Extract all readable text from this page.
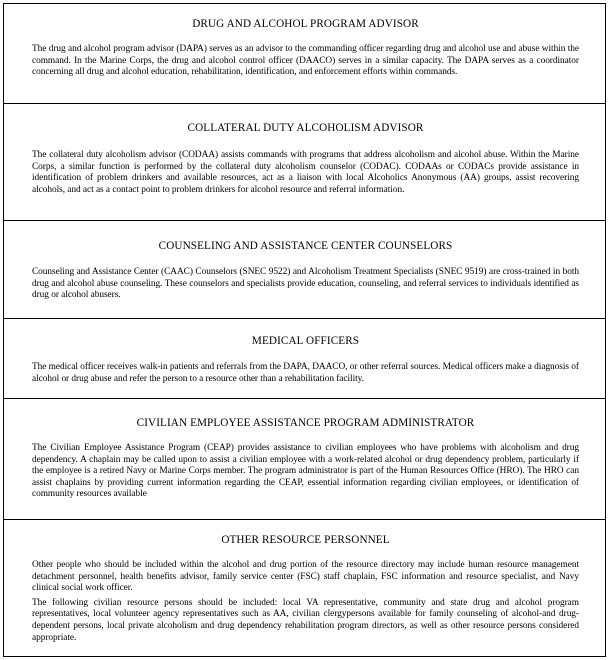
DRUG AND ALCOHOL PROGRAM ADVISOR
The drug and alcohol program advisor (DAPA) serves as an advisor to the commanding officer regarding drug and alcohol use and abuse within the command. In the Marine Corps, the drug and alcohol control officer (DAACO) serves in a similar capacity. The DAPA serves as a coordinator concerning all drug and alcohol education, rehabilitation, identification, and enforcement efforts within commands.
COLLATERAL DUTY ALCOHOLISM ADVISOR
The collateral duty alcoholism advisor (CODAA) assists commands with programs that address alcoholism and alcohol abuse. Within the Marine Corps, a similar function is performed by the collateral duty alcoholism counselor (CODAC). CODAAs or CODACs provide assistance in identification of problem drinkers and available resources, act as a liaison with local Alcoholics Anonymous (AA) groups, assist recovering alcohols, and act as a contact point to problem drinkers for alcohol resource and referral information.
COUNSELING AND ASSISTANCE CENTER COUNSELORS
Counseling and Assistance Center (CAAC) Counselors (SNEC 9522) and Alcoholism Treatment Specialists (SNEC 9519) are cross-trained in both drug and alcohol abuse counseling. These counselors and specialists provide education, counseling, and referral services to individuals identified as drug or alcohol abusers.
MEDICAL OFFICERS
The medical officer receives walk-in patients and referrals from the DAPA, DAACO, or other referral sources. Medical officers make a diagnosis of alcohol or drug abuse and refer the person to a resource other than a rehabilitation facility.
CIVILIAN EMPLOYEE ASSISTANCE PROGRAM ADMINISTRATOR
The Civilian Employee Assistance Program (CEAP) provides assistance to civilian employees who have problems with alcoholism and drug dependency. A chaplain may be called upon to assist a civilian employee with a work-related alcohol or drug dependency problem, particularly if the employee is a retired Navy or Marine Corps member. The program administrator is part of the Human Resources Office (HRO). The HRO can assist chaplains by providing current information regarding the CEAP, essential information regarding civilian employees, or identification of community resources available
OTHER RESOURCE PERSONNEL
Other people who should be included within the alcohol and drug portion of the resource directory may include human resource management detachment personnel, health benefits advisor, family service center (FSC) staff chaplain, FSC information and resource specialist, and Navy clinical social work officer.
The following civilian resource persons should be included: local VA representative, community and state drug and alcohol program representatives, local volunteer agency representatives such as AA, civilian clergypersons available for family counseling of alcohol-and drug-dependent persons, local private alcoholism and drug dependency rehabilitation program directors, as well as other resource persons considered appropriate.
